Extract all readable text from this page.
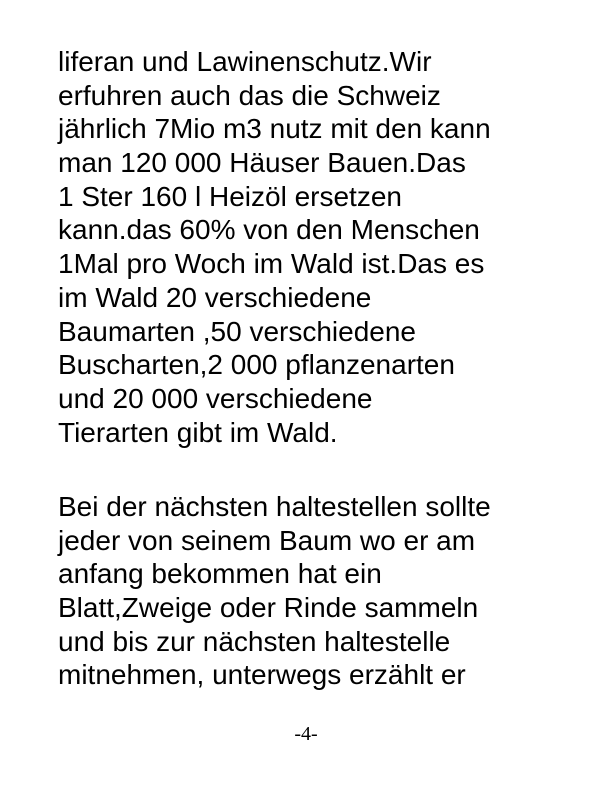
liferan und Lawinenschutz.Wir
erfuhren auch das die Schweiz
jährlich 7Mio m3 nutz mit den kann
man 120 000 Häuser Bauen.Das
1 Ster 160 l Heizöl ersetzen
kann.das 60% von den Menschen
1Mal pro Woch im Wald ist.Das es
im Wald 20 verschiedene
Baumarten ,50 verschiedene
Buscharten,2 000 pflanzenarten
und 20 000 verschiedene
Tierarten gibt im Wald.
Bei der nächsten haltestellen sollte
jeder von seinem Baum wo er am
anfang bekommen hat ein
Blatt,Zweige oder Rinde sammeln
und bis zur nächsten haltestelle
mitnehmen, unterwegs erzählt er
-4-
